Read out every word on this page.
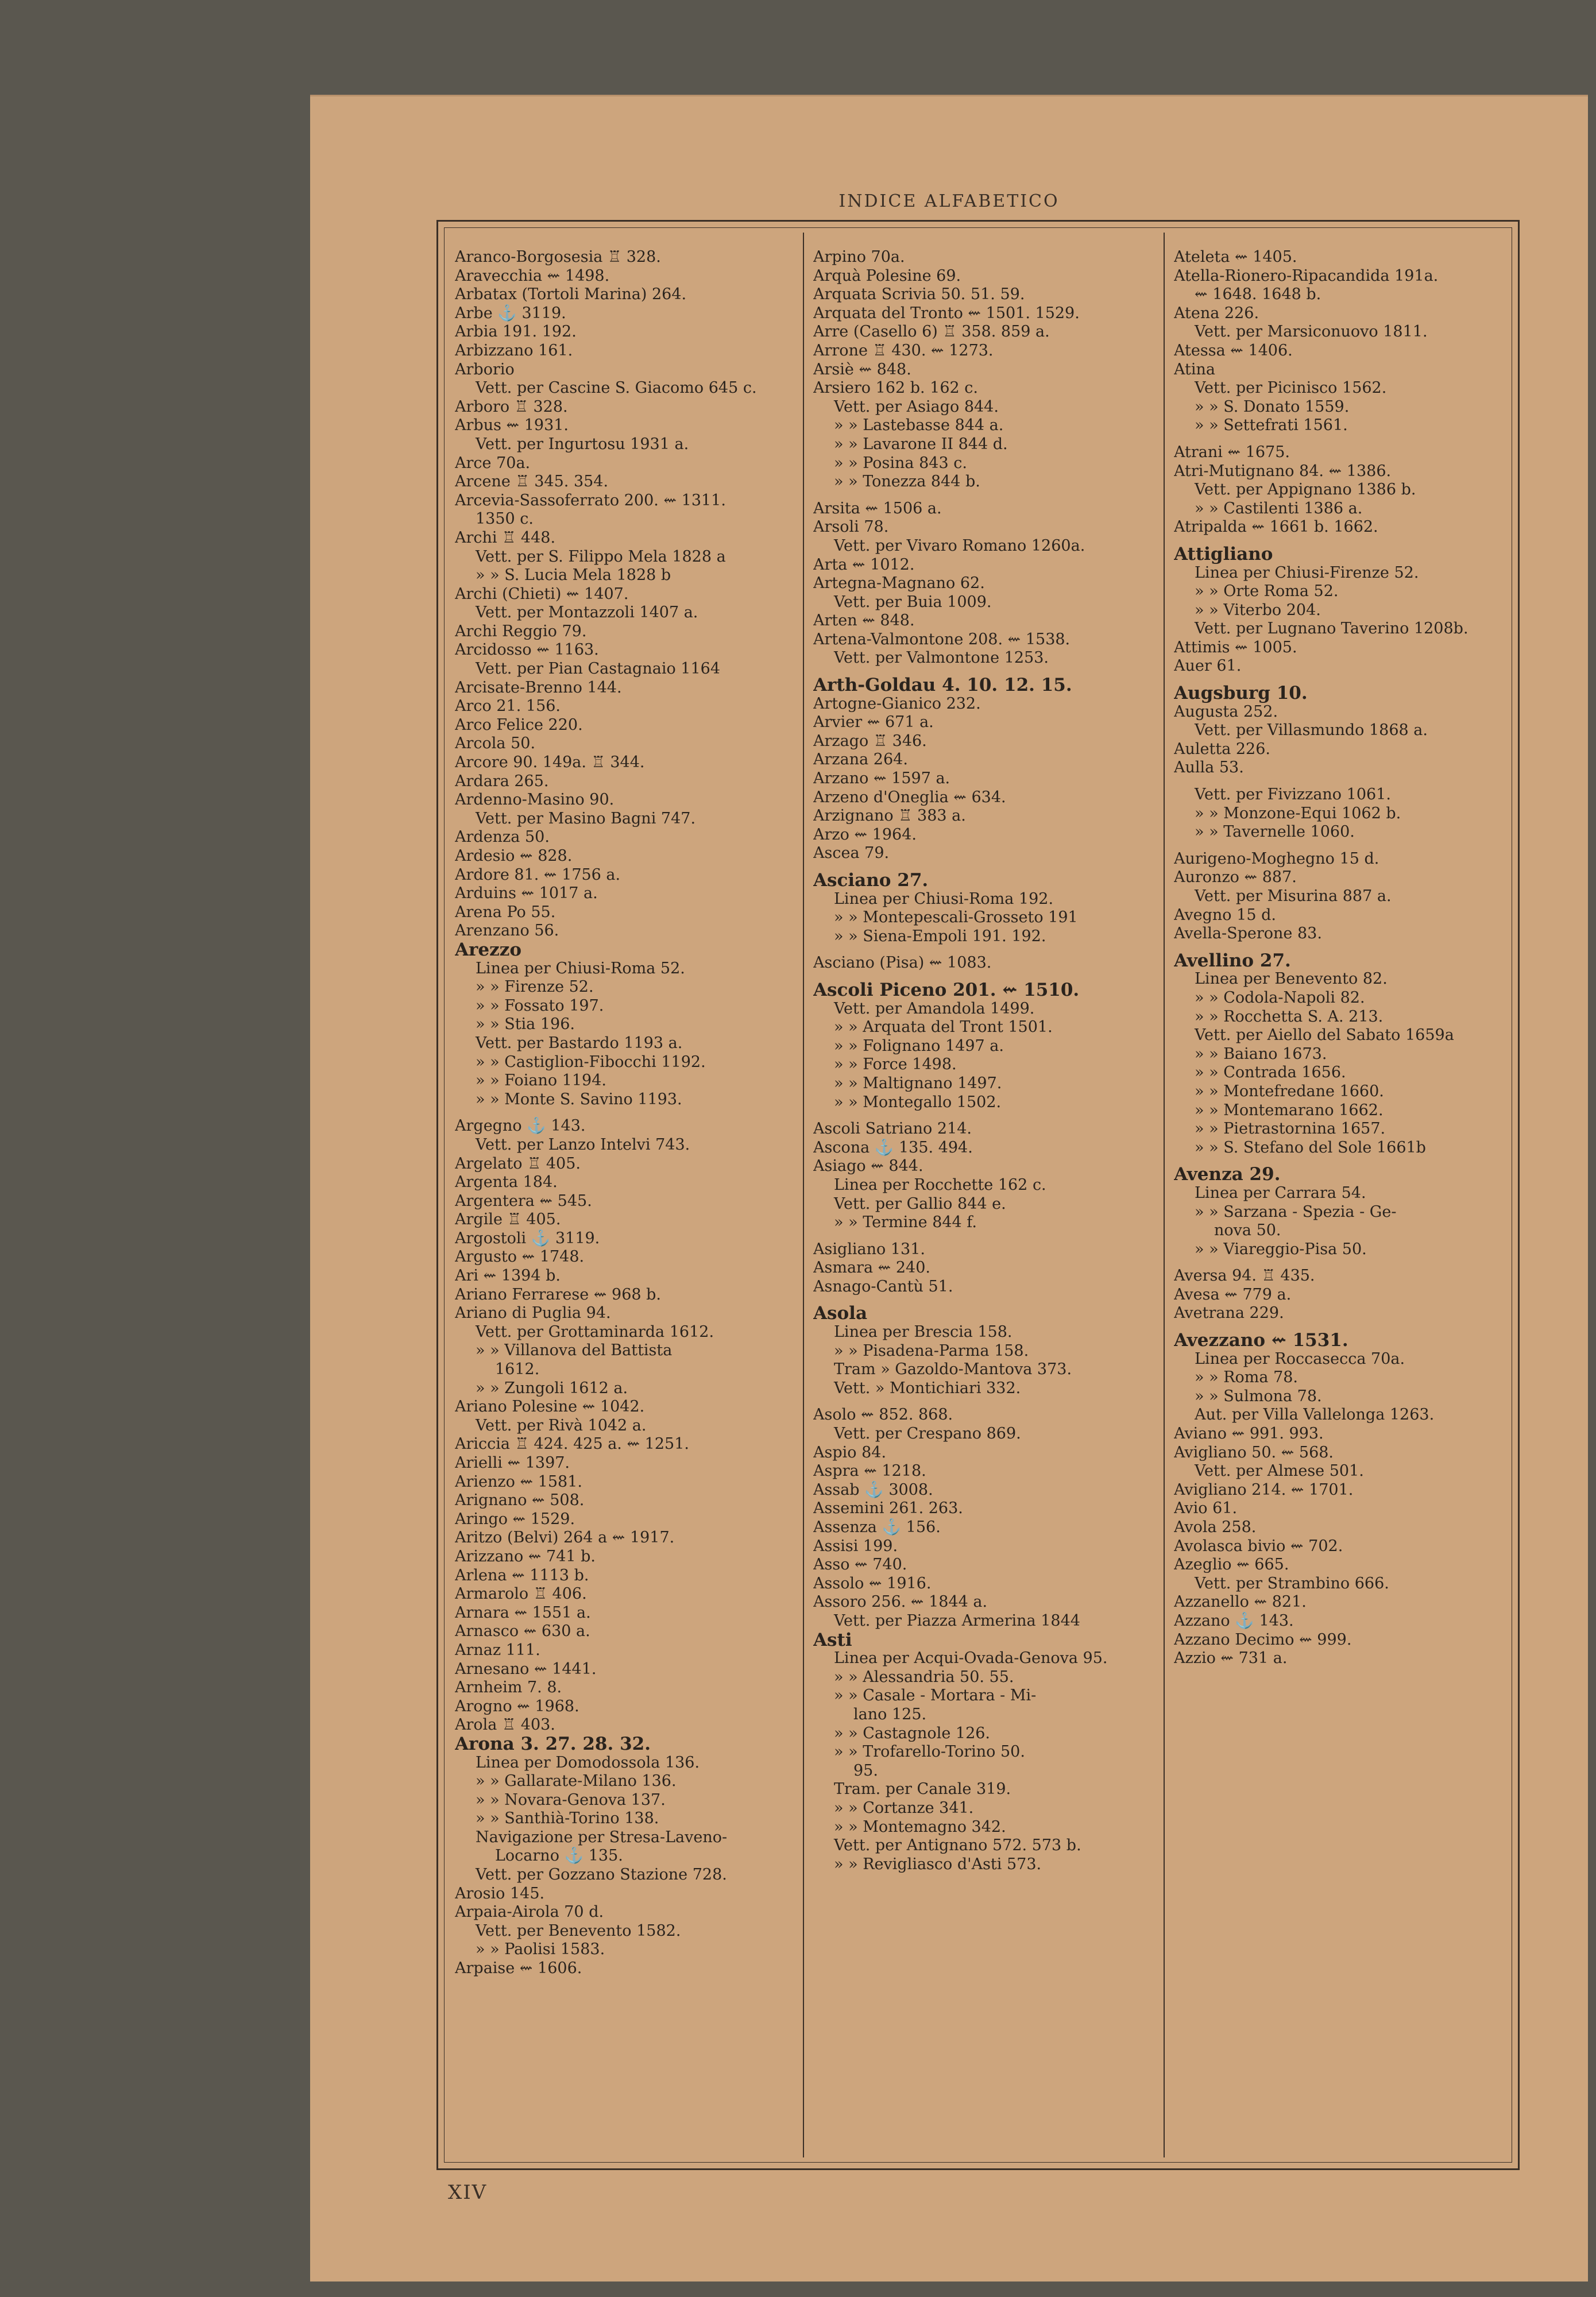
INDICE ALFABETICO
Aranco-Borgosesia ♖ 328.
Aravecchia ⇜ 1498.
Arbatax (Tortoli Marina) 264.
Arbe ⚓ 3119.
Arbia 191. 192.
Arbizzano 161.
Arborio
Vett. per Cascine S. Giacomo 645 c.
Arboro ♖ 328.
Arbus ⇜ 1931.
Vett. per Ingurtosu 1931 a.
Arce 70a.
Arcene ♖ 345. 354.
Arcevia-Sassoferrato 200. ⇜ 1311.
1350 c.
Archi ♖ 448.
Vett. per S. Filippo Mela 1828 a
» » S. Lucia Mela 1828 b
Archi (Chieti) ⇜ 1407.
Vett. per Montazzoli 1407 a.
Archi Reggio 79.
Arcidosso ⇜ 1163.
Vett. per Pian Castagnaio 1164
Arcisate-Brenno 144.
Arco 21. 156.
Arco Felice 220.
Arcola 50.
Arcore 90. 149a. ♖ 344.
Ardara 265.
Ardenno-Masino 90.
Vett. per Masino Bagni 747.
Ardenza 50.
Ardesio ⇜ 828.
Ardore 81. ⇜ 1756 a.
Arduins ⇜ 1017 a.
Arena Po 55.
Arenzano 56.
Arezzo
Linea per Chiusi-Roma 52.
» » Firenze 52.
» » Fossato 197.
» » Stia 196.
Vett. per Bastardo 1193 a.
» » Castiglion-Fibocchi 1192.
» » Foiano 1194.
» » Monte S. Savino 1193.
Argegno ⚓ 143.
Vett. per Lanzo Intelvi 743.
Argelato ♖ 405.
Argenta 184.
Argentera ⇜ 545.
Argile ♖ 405.
Argostoli ⚓ 3119.
Argusto ⇜ 1748.
Ari ⇜ 1394 b.
Ariano Ferrarese ⇜ 968 b.
Ariano di Puglia 94.
Vett. per Grottaminarda 1612.
» » Villanova del Battista
1612.
» » Zungoli 1612 a.
Ariano Polesine ⇜ 1042.
Vett. per Rivà 1042 a.
Ariccia ♖ 424. 425 a. ⇜ 1251.
Arielli ⇜ 1397.
Arienzo ⇜ 1581.
Arignano ⇜ 508.
Aringo ⇜ 1529.
Aritzo (Belvi) 264 a ⇜ 1917.
Arizzano ⇜ 741 b.
Arlena ⇜ 1113 b.
Armarolo ♖ 406.
Arnara ⇜ 1551 a.
Arnasco ⇜ 630 a.
Arnaz 111.
Arnesano ⇜ 1441.
Arnheim 7. 8.
Arogno ⇜ 1968.
Arola ♖ 403.
Arona 3. 27. 28. 32.
Linea per Domodossola 136.
» » Gallarate-Milano 136.
» » Novara-Genova 137.
» » Santhià-Torino 138.
Navigazione per Stresa-Laveno-
Locarno ⚓ 135.
Vett. per Gozzano Stazione 728.
Arosio 145.
Arpaia-Airola 70 d.
Vett. per Benevento 1582.
» » Paolisi 1583.
Arpaise ⇜ 1606.
Arpino 70a.
Arquà Polesine 69.
Arquata Scrivia 50. 51. 59.
Arquata del Tronto ⇜ 1501. 1529.
Arre (Casello 6) ♖ 358. 859 a.
Arrone ♖ 430. ⇜ 1273.
Arsiè ⇜ 848.
Arsiero 162 b. 162 c.
Vett. per Asiago 844.
» » Lastebasse 844 a.
» » Lavarone II 844 d.
» » Posina 843 c.
» » Tonezza 844 b.
Arsita ⇜ 1506 a.
Arsoli 78.
Vett. per Vivaro Romano 1260a.
Arta ⇜ 1012.
Artegna-Magnano 62.
Vett. per Buia 1009.
Arten ⇜ 848.
Artena-Valmontone 208. ⇜ 1538.
Vett. per Valmontone 1253.
Arth-Goldau 4. 10. 12. 15.
Artogne-Gianico 232.
Arvier ⇜ 671 a.
Arzago ♖ 346.
Arzana 264.
Arzano ⇜ 1597 a.
Arzeno d'Oneglia ⇜ 634.
Arzignano ♖ 383 a.
Arzo ⇜ 1964.
Ascea 79.
Asciano 27.
Linea per Chiusi-Roma 192.
» » Montepescali-Grosseto 191
» » Siena-Empoli 191. 192.
Asciano (Pisa) ⇜ 1083.
Ascoli Piceno 201. ⇜ 1510.
Vett. per Amandola 1499.
» » Arquata del Tront 1501.
» » Folignano 1497 a.
» » Force 1498.
» » Maltignano 1497.
» » Montegallo 1502.
Ascoli Satriano 214.
Ascona ⚓ 135. 494.
Asiago ⇜ 844.
Linea per Rocchette 162 c.
Vett. per Gallio 844 e.
» » Termine 844 f.
Asigliano 131.
Asmara ⇜ 240.
Asnago-Cantù 51.
Asola
Linea per Brescia 158.
» » Pisadena-Parma 158.
Tram » Gazoldo-Mantova 373.
Vett. » Montichiari 332.
Asolo ⇜ 852. 868.
Vett. per Crespano 869.
Aspio 84.
Aspra ⇜ 1218.
Assab ⚓ 3008.
Assemini 261. 263.
Assenza ⚓ 156.
Assisi 199.
Asso ⇜ 740.
Assolo ⇜ 1916.
Assoro 256. ⇜ 1844 a.
Vett. per Piazza Armerina 1844
Asti
Linea per Acqui-Ovada-Genova 95.
» » Alessandria 50. 55.
» » Casale - Mortara - Mi-
lano 125.
» » Castagnole 126.
» » Trofarello-Torino 50.
95.
Tram. per Canale 319.
» » Cortanze 341.
» » Montemagno 342.
Vett. per Antignano 572. 573 b.
» » Revigliasco d'Asti 573.
Ateleta ⇜ 1405.
Atella-Rionero-Ripacandida 191a.
⇜ 1648. 1648 b.
Atena 226.
Vett. per Marsiconuovo 1811.
Atessa ⇜ 1406.
Atina
Vett. per Picinisco 1562.
» » S. Donato 1559.
» » Settefrati 1561.
Atrani ⇜ 1675.
Atri-Mutignano 84. ⇜ 1386.
Vett. per Appignano 1386 b.
» » Castilenti 1386 a.
Atripalda ⇜ 1661 b. 1662.
Attigliano
Linea per Chiusi-Firenze 52.
» » Orte Roma 52.
» » Viterbo 204.
Vett. per Lugnano Taverino 1208b.
Attimis ⇜ 1005.
Auer 61.
Augsburg 10.
Augusta 252.
Vett. per Villasmundo 1868 a.
Auletta 226.
Aulla 53.
Vett. per Fivizzano 1061.
» » Monzone-Equi 1062 b.
» » Tavernelle 1060.
Aurigeno-Moghegno 15 d.
Auronzo ⇜ 887.
Vett. per Misurina 887 a.
Avegno 15 d.
Avella-Sperone 83.
Avellino 27.
Linea per Benevento 82.
» » Codola-Napoli 82.
» » Rocchetta S. A. 213.
Vett. per Aiello del Sabato 1659a
» » Baiano 1673.
» » Contrada 1656.
» » Montefredane 1660.
» » Montemarano 1662.
» » Pietrastornina 1657.
» » S. Stefano del Sole 1661b
Avenza 29.
Linea per Carrara 54.
» » Sarzana - Spezia - Ge-
nova 50.
» » Viareggio-Pisa 50.
Aversa 94. ♖ 435.
Avesa ⇜ 779 a.
Avetrana 229.
Avezzano ⇜ 1531.
Linea per Roccasecca 70a.
» » Roma 78.
» » Sulmona 78.
Aut. per Villa Vallelonga 1263.
Aviano ⇜ 991. 993.
Avigliano 50. ⇜ 568.
Vett. per Almese 501.
Avigliano 214. ⇜ 1701.
Avio 61.
Avola 258.
Avolasca bivio ⇜ 702.
Azeglio ⇜ 665.
Vett. per Strambino 666.
Azzanello ⇜ 821.
Azzano ⚓ 143.
Azzano Decimo ⇜ 999.
Azzio ⇜ 731 a.
XIV
